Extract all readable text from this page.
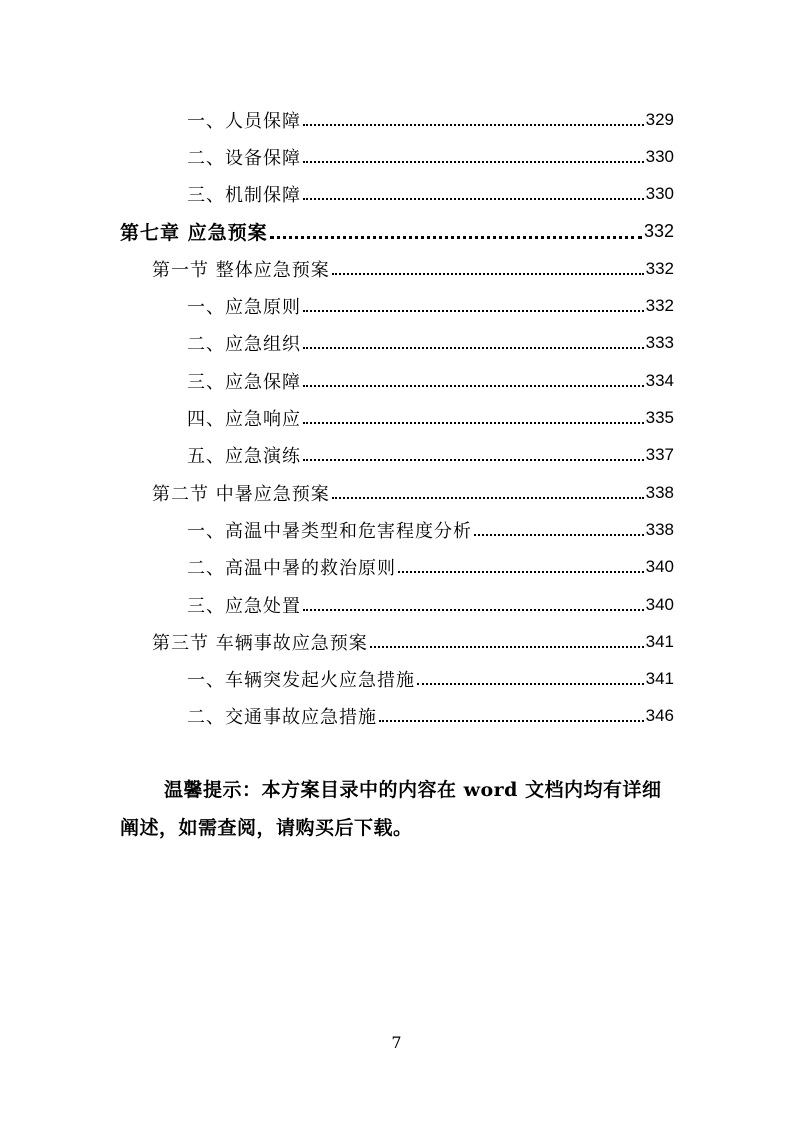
一、人员保障	329
二、设备保障	330
三、机制保障	330
第七章 应急预案	332
第一节 整体应急预案	332
一、应急原则	332
二、应急组织	333
三、应急保障	334
四、应急响应	335
五、应急演练	337
第二节 中暑应急预案	338
一、高温中暑类型和危害程度分析	338
二、高温中暑的救治原则	340
三、应急处置	340
第三节 车辆事故应急预案	341
一、车辆突发起火应急措施	341
二、交通事故应急措施	346
温馨提示：本方案目录中的内容在 word 文档内均有详细阐述，如需查阅，请购买后下载。
7
